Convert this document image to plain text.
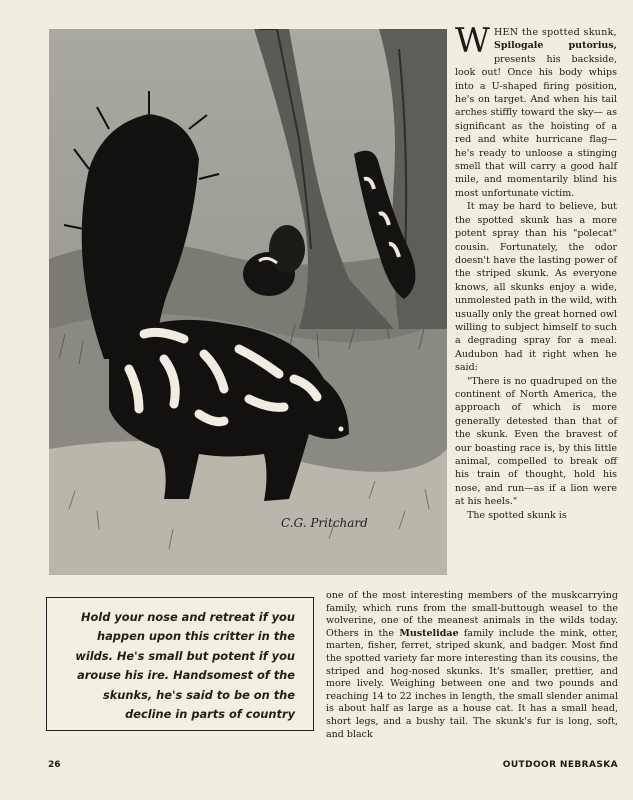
C.G. Pritchard

WHEN the spotted skunk, Spilogale putorius, presents his backside, look out! Once his body whips into a U-shaped firing position, he's on target. And when his tail arches stiffly toward the sky— as significant as the hoisting of a red and white hurricane flag—he's ready to unloose a stinging smell that will carry a good half mile, and momentarily blind his most unfortunate victim.

It may be hard to believe, but the spotted skunk has a more potent spray than his "polecat" cousin. Fortunately, the odor doesn't have the lasting power of the striped skunk. As everyone knows, all skunks enjoy a wide, unmolested path in the wild, with usually only the great horned owl willing to subject himself to such a degrading spray for a meal. Audubon had it right when he said:

"There is no quadruped on the continent of North America, the approach of which is more generally detested than that of the skunk. Even the bravest of our boasting race is, by this little animal, compelled to break off his train of thought, hold his nose, and run—as if a lion were at his heels."

The spotted skunk is

one of the most interesting members of the muskcarrying family, which runs from the small-buttough weasel to the wolverine, one of the meanest animals in the wilds today. Others in the Mustelidae family include the mink, otter, marten, fisher, ferret, striped skunk, and badger. Most find the spotted variety far more interesting than its cousins, the striped and hog-nosed skunks. It's smaller, prettier, and more lively. Weighing between one and two pounds and reaching 14 to 22 inches in length, the small slender animal is about half as large as a house cat. It has a small head, short legs, and a bushy tail. The skunk's fur is long, soft, and black

Hold your nose and retreat if you happen upon this critter in the wilds. He's small but potent if you arouse his ire. Handsomest of the skunks, he's said to be on the decline in parts of country

26	OUTDOOR NEBRASKA
